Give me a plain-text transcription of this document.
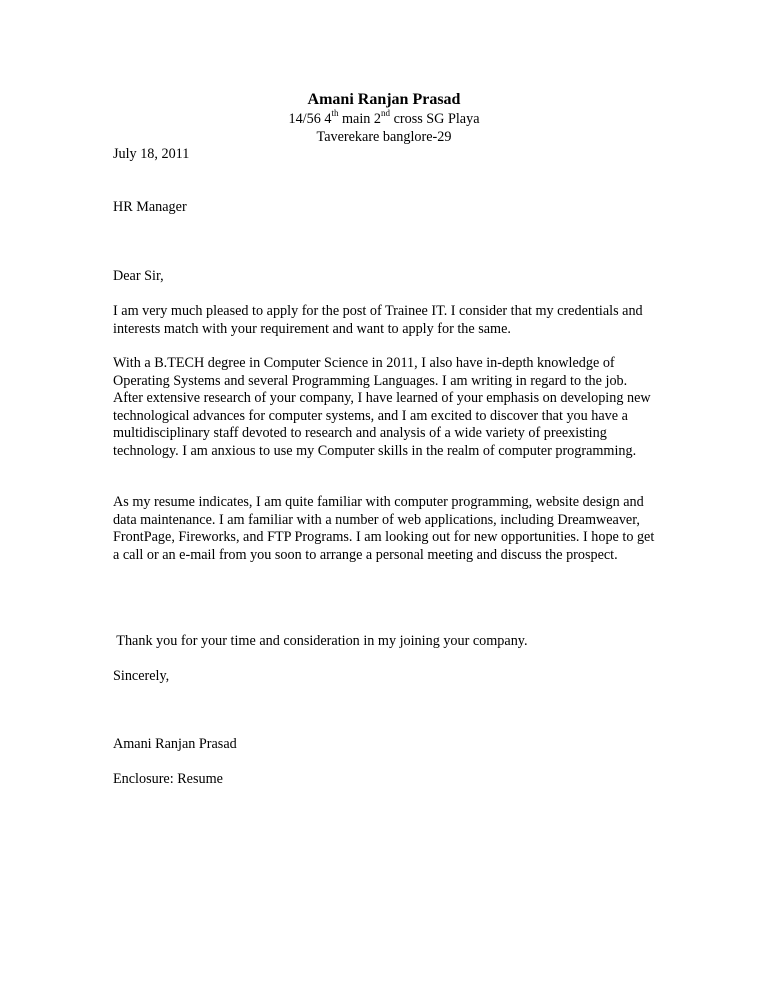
Amani Ranjan Prasad

14/56 4th main 2nd cross SG Playa

Taverekare banglore-29

July 18, 2011

HR Manager

Dear Sir,

I am very much pleased to apply for the post of Trainee IT. I consider that my credentials and interests match with your requirement and want to apply for the same.

With a B.TECH degree in Computer Science in 2011, I also have in-depth knowledge of Operating Systems and several Programming Languages. I am writing in regard to the job. After extensive research of your company, I have learned of your emphasis on developing new technological advances for computer systems, and I am excited to discover that you have a multidisciplinary staff devoted to research and analysis of a wide variety of preexisting technology. I am anxious to use my Computer skills in the realm of computer programming.

As my resume indicates, I am quite familiar with computer programming, website design and data maintenance. I am familiar with a number of web applications, including Dreamweaver, FrontPage, Fireworks, and FTP Programs. I am looking out for new opportunities. I hope to get a call or an e-mail from you soon to arrange a personal meeting and discuss the prospect.

Thank you for your time and consideration in my joining your company.

Sincerely,

Amani Ranjan Prasad

Enclosure: Resume
